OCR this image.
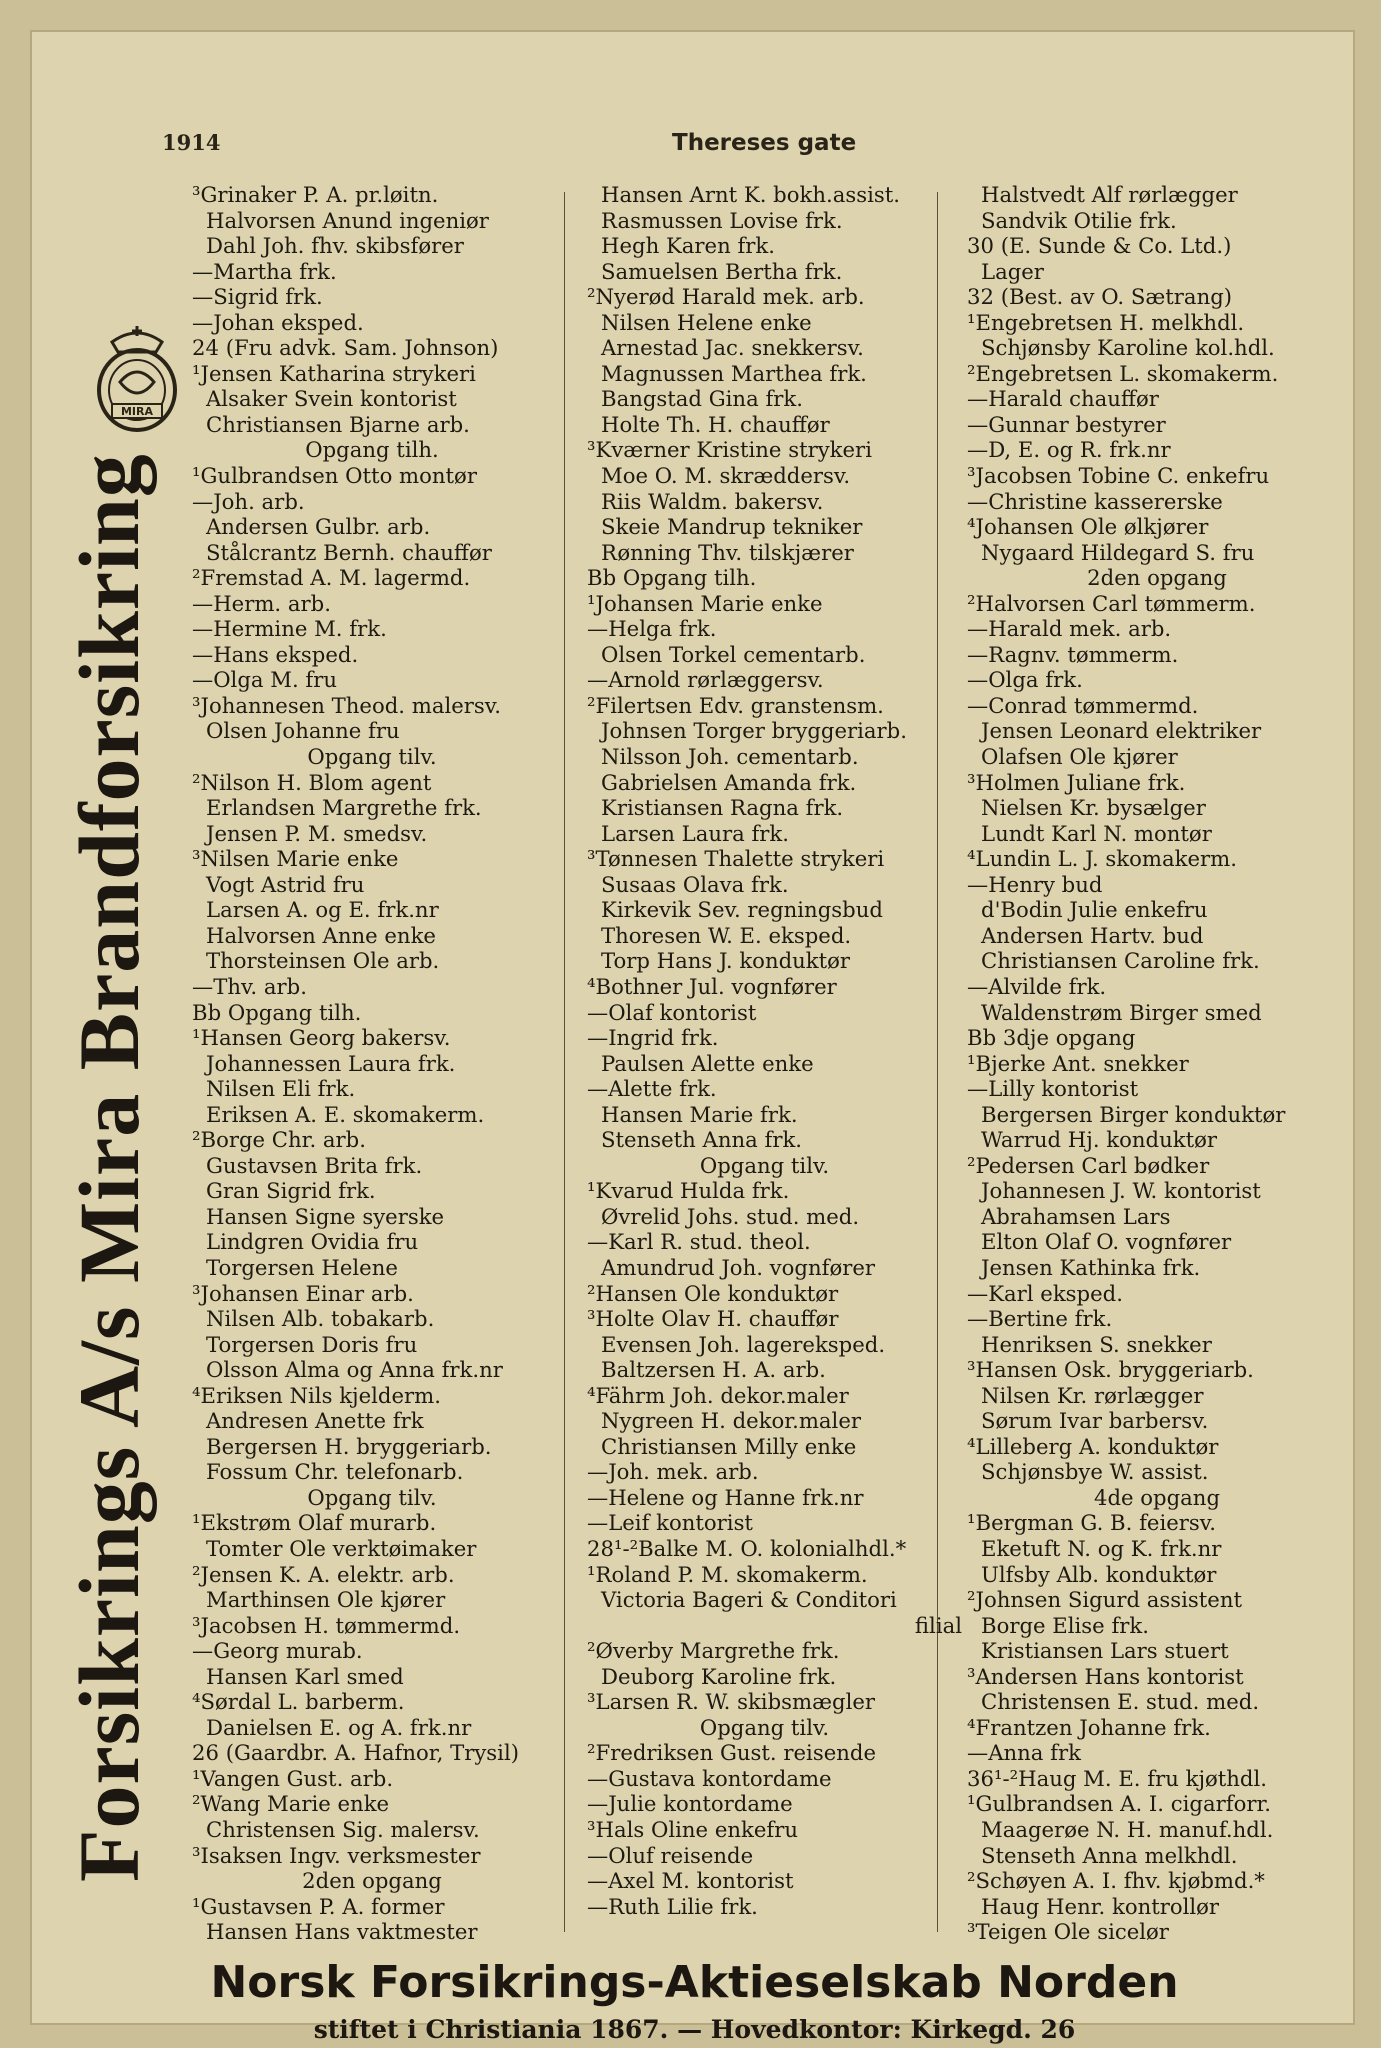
1914	Thereses gate
MIRA
Forsikrings A/s Mira Brandforsikring
³Grinaker P. A. pr.løitn.
Halvorsen Anund ingeniør
Dahl Joh. fhv. skibsfører
—Martha frk.
—Sigrid frk.
—Johan eksped.
24 (Fru advk. Sam. Johnson)
¹Jensen Katharina strykeri
Alsaker Svein kontorist
Christiansen Bjarne arb.
Opgang tilh.
¹Gulbrandsen Otto montør
—Joh. arb.
Andersen Gulbr. arb.
Stålcrantz Bernh. chauffør
²Fremstad A. M. lagermd.
—Herm. arb.
—Hermine M. frk.
—Hans eksped.
—Olga M. fru
³Johannesen Theod. malersv.
Olsen Johanne fru
Opgang tilv.
²Nilson H. Blom agent
Erlandsen Margrethe frk.
Jensen P. M. smedsv.
³Nilsen Marie enke
Vogt Astrid fru
Larsen A. og E. frk.nr
Halvorsen Anne enke
Thorsteinsen Ole arb.
—Thv. arb.
Bb Opgang tilh.
¹Hansen Georg bakersv.
Johannessen Laura frk.
Nilsen Eli frk.
Eriksen A. E. skomakerm.
²Borge Chr. arb.
Gustavsen Brita frk.
Gran Sigrid frk.
Hansen Signe syerske
Lindgren Ovidia fru
Torgersen Helene
³Johansen Einar arb.
Nilsen Alb. tobakarb.
Torgersen Doris fru
Olsson Alma og Anna frk.nr
⁴Eriksen Nils kjelderm.
Andresen Anette frk
Bergersen H. bryggeriarb.
Fossum Chr. telefonarb.
Opgang tilv.
¹Ekstrøm Olaf murarb.
Tomter Ole verktøimaker
²Jensen K. A. elektr. arb.
Marthinsen Ole kjører
³Jacobsen H. tømmermd.
—Georg murab.
Hansen Karl smed
⁴Sørdal L. barberm.
Danielsen E. og A. frk.nr
26 (Gaardbr. A. Hafnor, Trysil)
¹Vangen Gust. arb.
²Wang Marie enke
Christensen Sig. malersv.
³Isaksen Ingv. verksmester
2den opgang
¹Gustavsen P. A. former
Hansen Hans vaktmester
Hansen Arnt K. bokh.assist.
Rasmussen Lovise frk.
Hegh Karen frk.
Samuelsen Bertha frk.
²Nyerød Harald mek. arb.
Nilsen Helene enke
Arnestad Jac. snekkersv.
Magnussen Marthea frk.
Bangstad Gina frk.
Holte Th. H. chauffør
³Kværner Kristine strykeri
Moe O. M. skræddersv.
Riis Waldm. bakersv.
Skeie Mandrup tekniker
Rønning Thv. tilskjærer
Bb Opgang tilh.
¹Johansen Marie enke
—Helga frk.
Olsen Torkel cementarb.
—Arnold rørlæggersv.
²Filertsen Edv. granstensm.
Johnsen Torger bryggeriarb.
Nilsson Joh. cementarb.
Gabrielsen Amanda frk.
Kristiansen Ragna frk.
Larsen Laura frk.
³Tønnesen Thalette strykeri
Susaas Olava frk.
Kirkevik Sev. regningsbud
Thoresen W. E. eksped.
Torp Hans J. konduktør
⁴Bothner Jul. vognfører
—Olaf kontorist
—Ingrid frk.
Paulsen Alette enke
—Alette frk.
Hansen Marie frk.
Stenseth Anna frk.
Opgang tilv.
¹Kvarud Hulda frk.
Øvrelid Johs. stud. med.
—Karl R. stud. theol.
Amundrud Joh. vognfører
²Hansen Ole konduktør
³Holte Olav H. chauffør
Evensen Joh. lagereksped.
Baltzersen H. A. arb.
⁴Fährm Joh. dekor.maler
Nygreen H. dekor.maler
Christiansen Milly enke
—Joh. mek. arb.
—Helene og Hanne frk.nr
—Leif kontorist
28¹-²Balke M. O. kolonialhdl.*
¹Roland P. M. skomakerm.
Victoria Bageri & Conditori
filial
²Øverby Margrethe frk.
Deuborg Karoline frk.
³Larsen R. W. skibsmægler
Opgang tilv.
²Fredriksen Gust. reisende
—Gustava kontordame
—Julie kontordame
³Hals Oline enkefru
—Oluf reisende
—Axel M. kontorist
—Ruth Lilie frk.
Halstvedt Alf rørlægger
Sandvik Otilie frk.
30 (E. Sunde & Co. Ltd.)
Lager
32 (Best. av O. Sætrang)
¹Engebretsen H. melkhdl.
Schjønsby Karoline kol.hdl.
²Engebretsen L. skomakerm.
—Harald chauffør
—Gunnar bestyrer
—D, E. og R. frk.nr
³Jacobsen Tobine C. enkefru
—Christine kassererske
⁴Johansen Ole ølkjører
Nygaard Hildegard S. fru
2den opgang
²Halvorsen Carl tømmerm.
—Harald mek. arb.
—Ragnv. tømmerm.
—Olga frk.
—Conrad tømmermd.
Jensen Leonard elektriker
Olafsen Ole kjører
³Holmen Juliane frk.
Nielsen Kr. bysælger
Lundt Karl N. montør
⁴Lundin L. J. skomakerm.
—Henry bud
d'Bodin Julie enkefru
Andersen Hartv. bud
Christiansen Caroline frk.
—Alvilde frk.
Waldenstrøm Birger smed
Bb 3dje opgang
¹Bjerke Ant. snekker
—Lilly kontorist
Bergersen Birger konduktør
Warrud Hj. konduktør
²Pedersen Carl bødker
Johannesen J. W. kontorist
Abrahamsen Lars
Elton Olaf O. vognfører
Jensen Kathinka frk.
—Karl eksped.
—Bertine frk.
Henriksen S. snekker
³Hansen Osk. bryggeriarb.
Nilsen Kr. rørlægger
Sørum Ivar barbersv.
⁴Lilleberg A. konduktør
Schjønsbye W. assist.
4de opgang
¹Bergman G. B. feiersv.
Eketuft N. og K. frk.nr
Ulfsby Alb. konduktør
²Johnsen Sigurd assistent
Borge Elise frk.
Kristiansen Lars stuert
³Andersen Hans kontorist
Christensen E. stud. med.
⁴Frantzen Johanne frk.
—Anna frk
36¹-²Haug M. E. fru kjøthdl.
¹Gulbrandsen A. I. cigarforr.
Maagerøe N. H. manuf.hdl.
Stenseth Anna melkhdl.
²Schøyen A. I. fhv. kjøbmd.*
Haug Henr. kontrollør
³Teigen Ole sicelør
Norsk Forsikrings-Aktieselskab Norden
stiftet i Christiania 1867. — Hovedkontor: Kirkegd. 26
